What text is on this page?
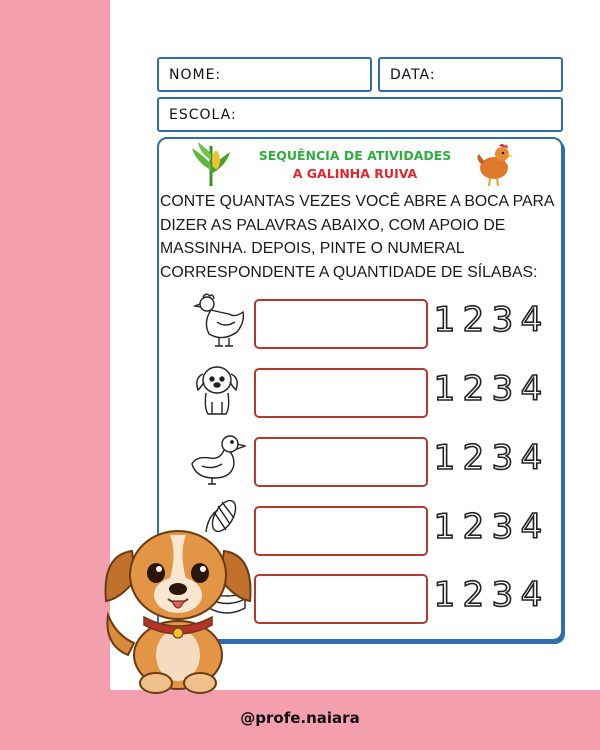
NOME:	DATA:
ESCOLA:
SEQUÊNCIA DE ATIVIDADES
A GALINHA RUIVA

CONTE QUANTAS VEZES VOCÊ ABRE A BOCA PARA DIZER AS PALAVRAS ABAIXO, COM APOIO DE MASSINHA. DEPOIS, PINTE O NUMERAL CORRESPONDENTE A QUANTIDADE DE SÍLABAS:

1 2 3 4
1 2 3 4
1 2 3 4
1 2 3 4
1 2 3 4
@profe.naiara
